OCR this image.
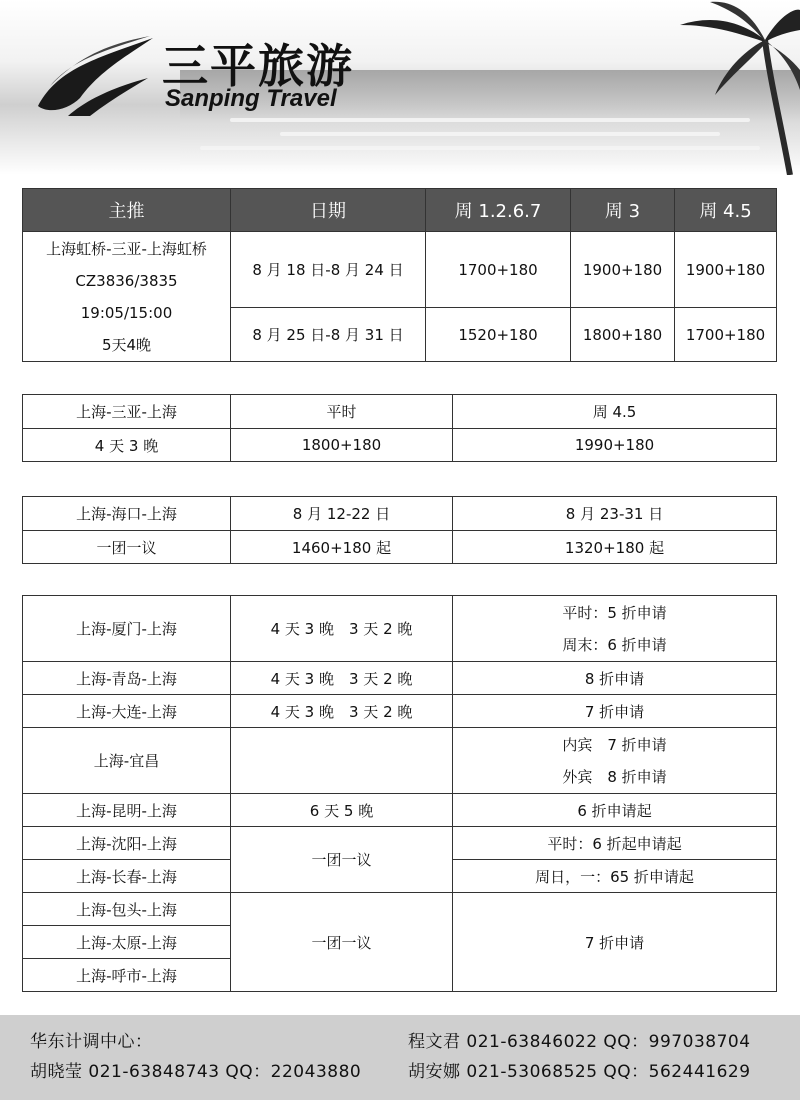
三平旅游
Sanping Travel
主推	日期	周 1.2.6.7	周 3	周 4.5

上海虹桥-三亚-上海虹桥
CZ3836/3835
19:05/15:00
5天4晚	8 月 18 日-8 月 24 日	1700+180	1900+180	1900+180
	8 月 25 日-8 月 31 日	1520+180	1800+180	1700+180
上海-三亚-上海	平时	周 4.5
4 天 3 晚	1800+180	1990+180
上海-海口-上海	8 月 12-22 日	8 月 23-31 日
一团一议	1460+180 起	1320+180 起
上海-厦门-上海	4 天 3 晚　3 天 2 晚	平时：5 折申请
周末：6 折申请

上海-青岛-上海	4 天 3 晚　3 天 2 晚	8 折申请
上海-大连-上海	4 天 3 晚　3 天 2 晚	7 折申请
上海-宜昌		内宾　7 折申请
外宾　8 折申请

上海-昆明-上海	6 天 5 晚	6 折申请起
上海-沈阳-上海	一团一议	平时：6 折起申请起
上海-长春-上海		周日，一：65 折申请起
上海-包头-上海	一团一议	7 折申请
上海-太原-上海		
上海-呼市-上海		
华东计调中心：
胡晓莹 021-63848743 QQ：22043880
程文君 021-63846022 QQ：997038704
胡安娜 021-53068525 QQ：562441629
